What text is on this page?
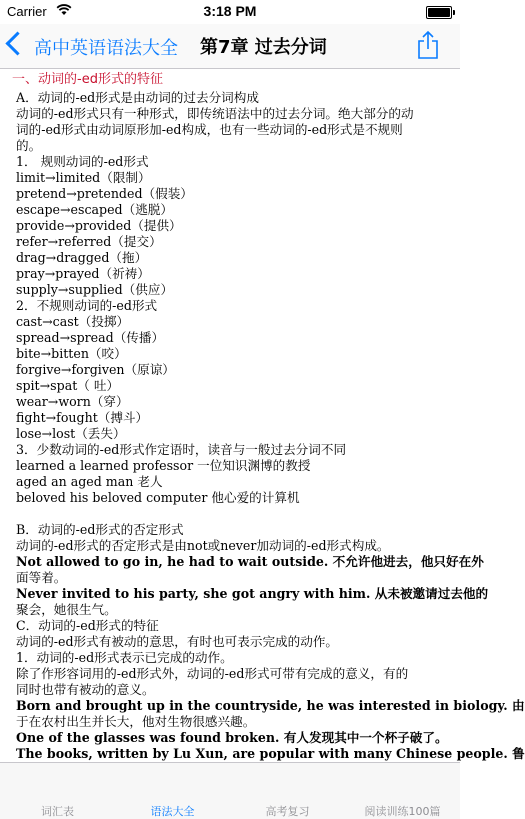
Carrier	3:18 PM
高中英语语法大全 第7章 过去分词
一、动词的-ed形式的特征
A．动词的-ed形式是由动词的过去分词构成
动词的-ed形式只有一种形式，即传统语法中的过去分词。绝大部分的动
词的-ed形式由动词原形加-ed构成，也有一些动词的-ed形式是不规则
的。
1． 规则动词的-ed形式
limit→limited（限制）
pretend→pretended（假装）
escape→escaped（逃脱）
provide→provided（提供）
refer→referred（提交）
drag→dragged（拖）
pray→prayed（祈祷）
supply→supplied（供应）
2．不规则动词的-ed形式
cast→cast（投掷）
spread→spread（传播）
bite→bitten（咬）
forgive→forgiven（原谅）
spit→spat（ 吐）
wear→worn（穿）
fight→fought（搏斗）
lose→lost（丢失）
3．少数动词的-ed形式作定语时，读音与一般过去分词不同
learned a learned professor 一位知识渊博的教授
aged an aged man 老人
beloved his beloved computer 他心爱的计算机
B．动词的-ed形式的否定形式
动词的-ed形式的否定形式是由not或never加动词的-ed形式构成。
Not allowed to go in, he had to wait outside. 不允许他进去，他只好在外
面等着。
Never invited to his party, she got angry with him. 从未被邀请过去他的
聚会，她很生气。
C．动词的-ed形式的特征
动词的-ed形式有被动的意思，有时也可表示完成的动作。
1．动词的-ed形式表示已完成的动作。
除了作形容词用的-ed形式外，动词的-ed形式可带有完成的意义，有的
同时也带有被动的意义。
Born and brought up in the countryside, he was interested in biology. 由
于在农村出生并长大，他对生物很感兴趣。
One of the glasses was found broken. 有人发现其中一个杯子破了。
The books, written by Lu Xun, are popular with many Chinese people. 鲁
词汇表	语法大全	高考复习	阅读训练100篇
